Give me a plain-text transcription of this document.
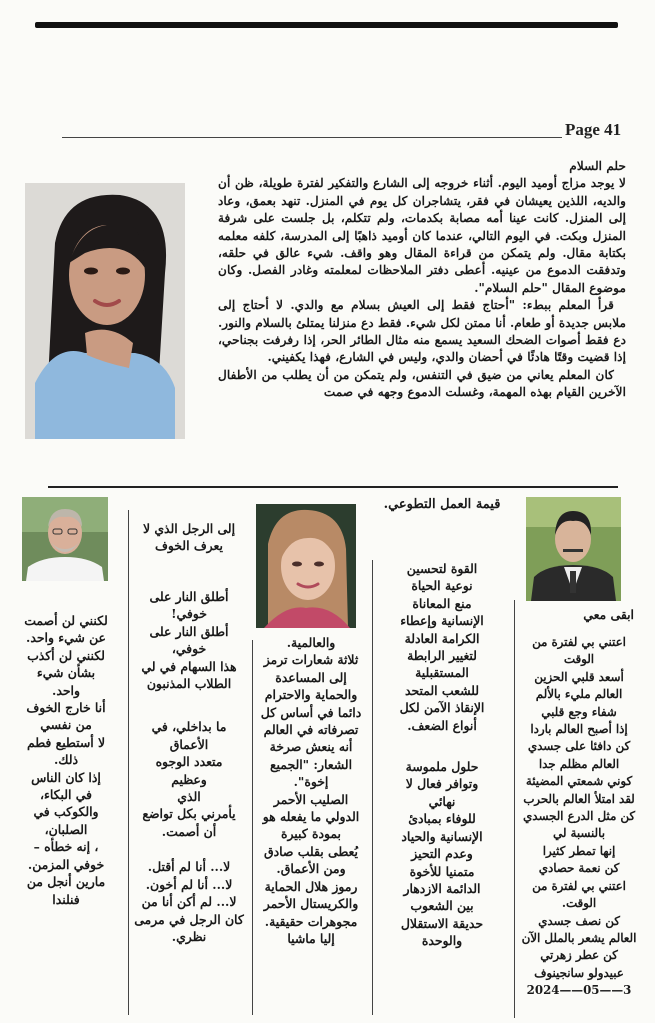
Page 41

حلم السلام

لا يوجد مزاج أوميد اليوم. أثناء خروجه إلى الشارع والتفكير لفترة طويلة، ظن أن والديه، اللذين يعيشان في فقر، يتشاجران كل يوم في المنزل. تنهد بعمق، وعاد إلى المنزل. كانت عينا أمه مصابة بكدمات، ولم تتكلم، بل جلست على شرفة المنزل وبكت. في اليوم التالي، عندما كان أوميد ذاهبًا إلى المدرسة، كلفه معلمه بكتابة مقال. ولم يتمكن من قراءة المقال وهو واقف. شيء عالق في حلقه، وتدفقت الدموع من عينيه. أعطى دفتر الملاحظات لمعلمته وغادر الفصل. وكان موضوع المقال "حلم السلام".

قرأ المعلم ببطء: "أحتاج فقط إلى العيش بسلام مع والدي. لا أحتاج إلى ملابس جديدة أو طعام. أنا ممتن لكل شيء. فقط دع منزلنا يمتلئ بالسلام والنور. دع فقط أصوات الضحك السعيد يسمع منه مثال الطائر الحر، إذا رفرفت بجناحي، إذا قضيت وقتًا هادئًا في أحضان والدي، وليس في الشارع، فهذا يكفيني.

كان المعلم يعاني من ضيق في التنفس، ولم يتمكن من أن يطلب من الأطفال الآخرين القيام بهذه المهمة، وغسلت الدموع وجهه في صمت

ابقى معي

اعتني بي لفترة من الوقت

أسعد قلبي الحزين

العالم مليء بالألم

شفاء وجع قلبي

إذا أصبح العالم باردا

كن دافئا على جسدي

العالم مظلم جدا

كوني شمعتي المضيئة

لقد امتلأ العالم بالحرب

كن مثل الدرع الجسدي بالنسبة لي

إنها تمطر كثيرا

كن نعمة حصادي

اعتني بي لفترة من الوقت.

كن نصف جسدي

العالم يشعر بالملل الآن

كن عطر زهرتي

عبيدولو سانجينوف

3——05——2024

قيمة العمل التطوعي.

القوة لتحسين

نوعية الحياة

منع المعاناة

الإنسانية وإعطاء

الكرامة العادلة

لتغيير الرابطة

المستقبلية

للشعب المتحد

الإنقاذ الآمن لكل

أنواع الضعف.

حلول ملموسة

وتوافر فعال لا

نهائي

للوفاء بمبادئ

الإنسانية والحياد

وعدم التحيز

متمنيا للأخوة

الدائمة الازدهار

بين الشعوب

حديقة الاستقلال

والوحدة

والعالمية.

ثلاثة شعارات ترمز

إلى المساعدة

والحماية والاحترام

دائما في أساس كل

تصرفاته في العالم

أنه ينعش صرخة

الشعار: "الجميع

إخوة".

الصليب الأحمر

الدولي ما يفعله هو

بمودة كبيرة

يُعطى بقلب صادق

ومن الأعماق.

رموز هلال الحماية

والكريستال الأحمر

مجوهرات حقيقية.

إليا ماشيا

إلى الرجل الذي لا يعرف الخوف

أطلق النار على

خوفي!

أطلق النار على

خوفي،

هذا السهام في لي

الطلاب المذنبون

ما بداخلي، في

الأعماق

متعدد الوجوه

وعظيم

الذي

يأمرني بكل تواضع

أن أصمت.

لا... أنا لم أقتل.

لا... أنا لم أخون.

لا... لم أكن أنا من

كان الرجل في مرمى

نظري.

لكنني لن أصمت

عن شيء واحد.

لكنني لن أكذب

بشأن شيء

واحد.

أنا خارج الخوف

من نفسي

لا أستطيع فطم

ذلك.

إذا كان الناس

في البكاء،

والكوكب في

الصلبان،

، إنه خطأه –

خوفي المزمن.

مارين أنجل من

فنلندا
